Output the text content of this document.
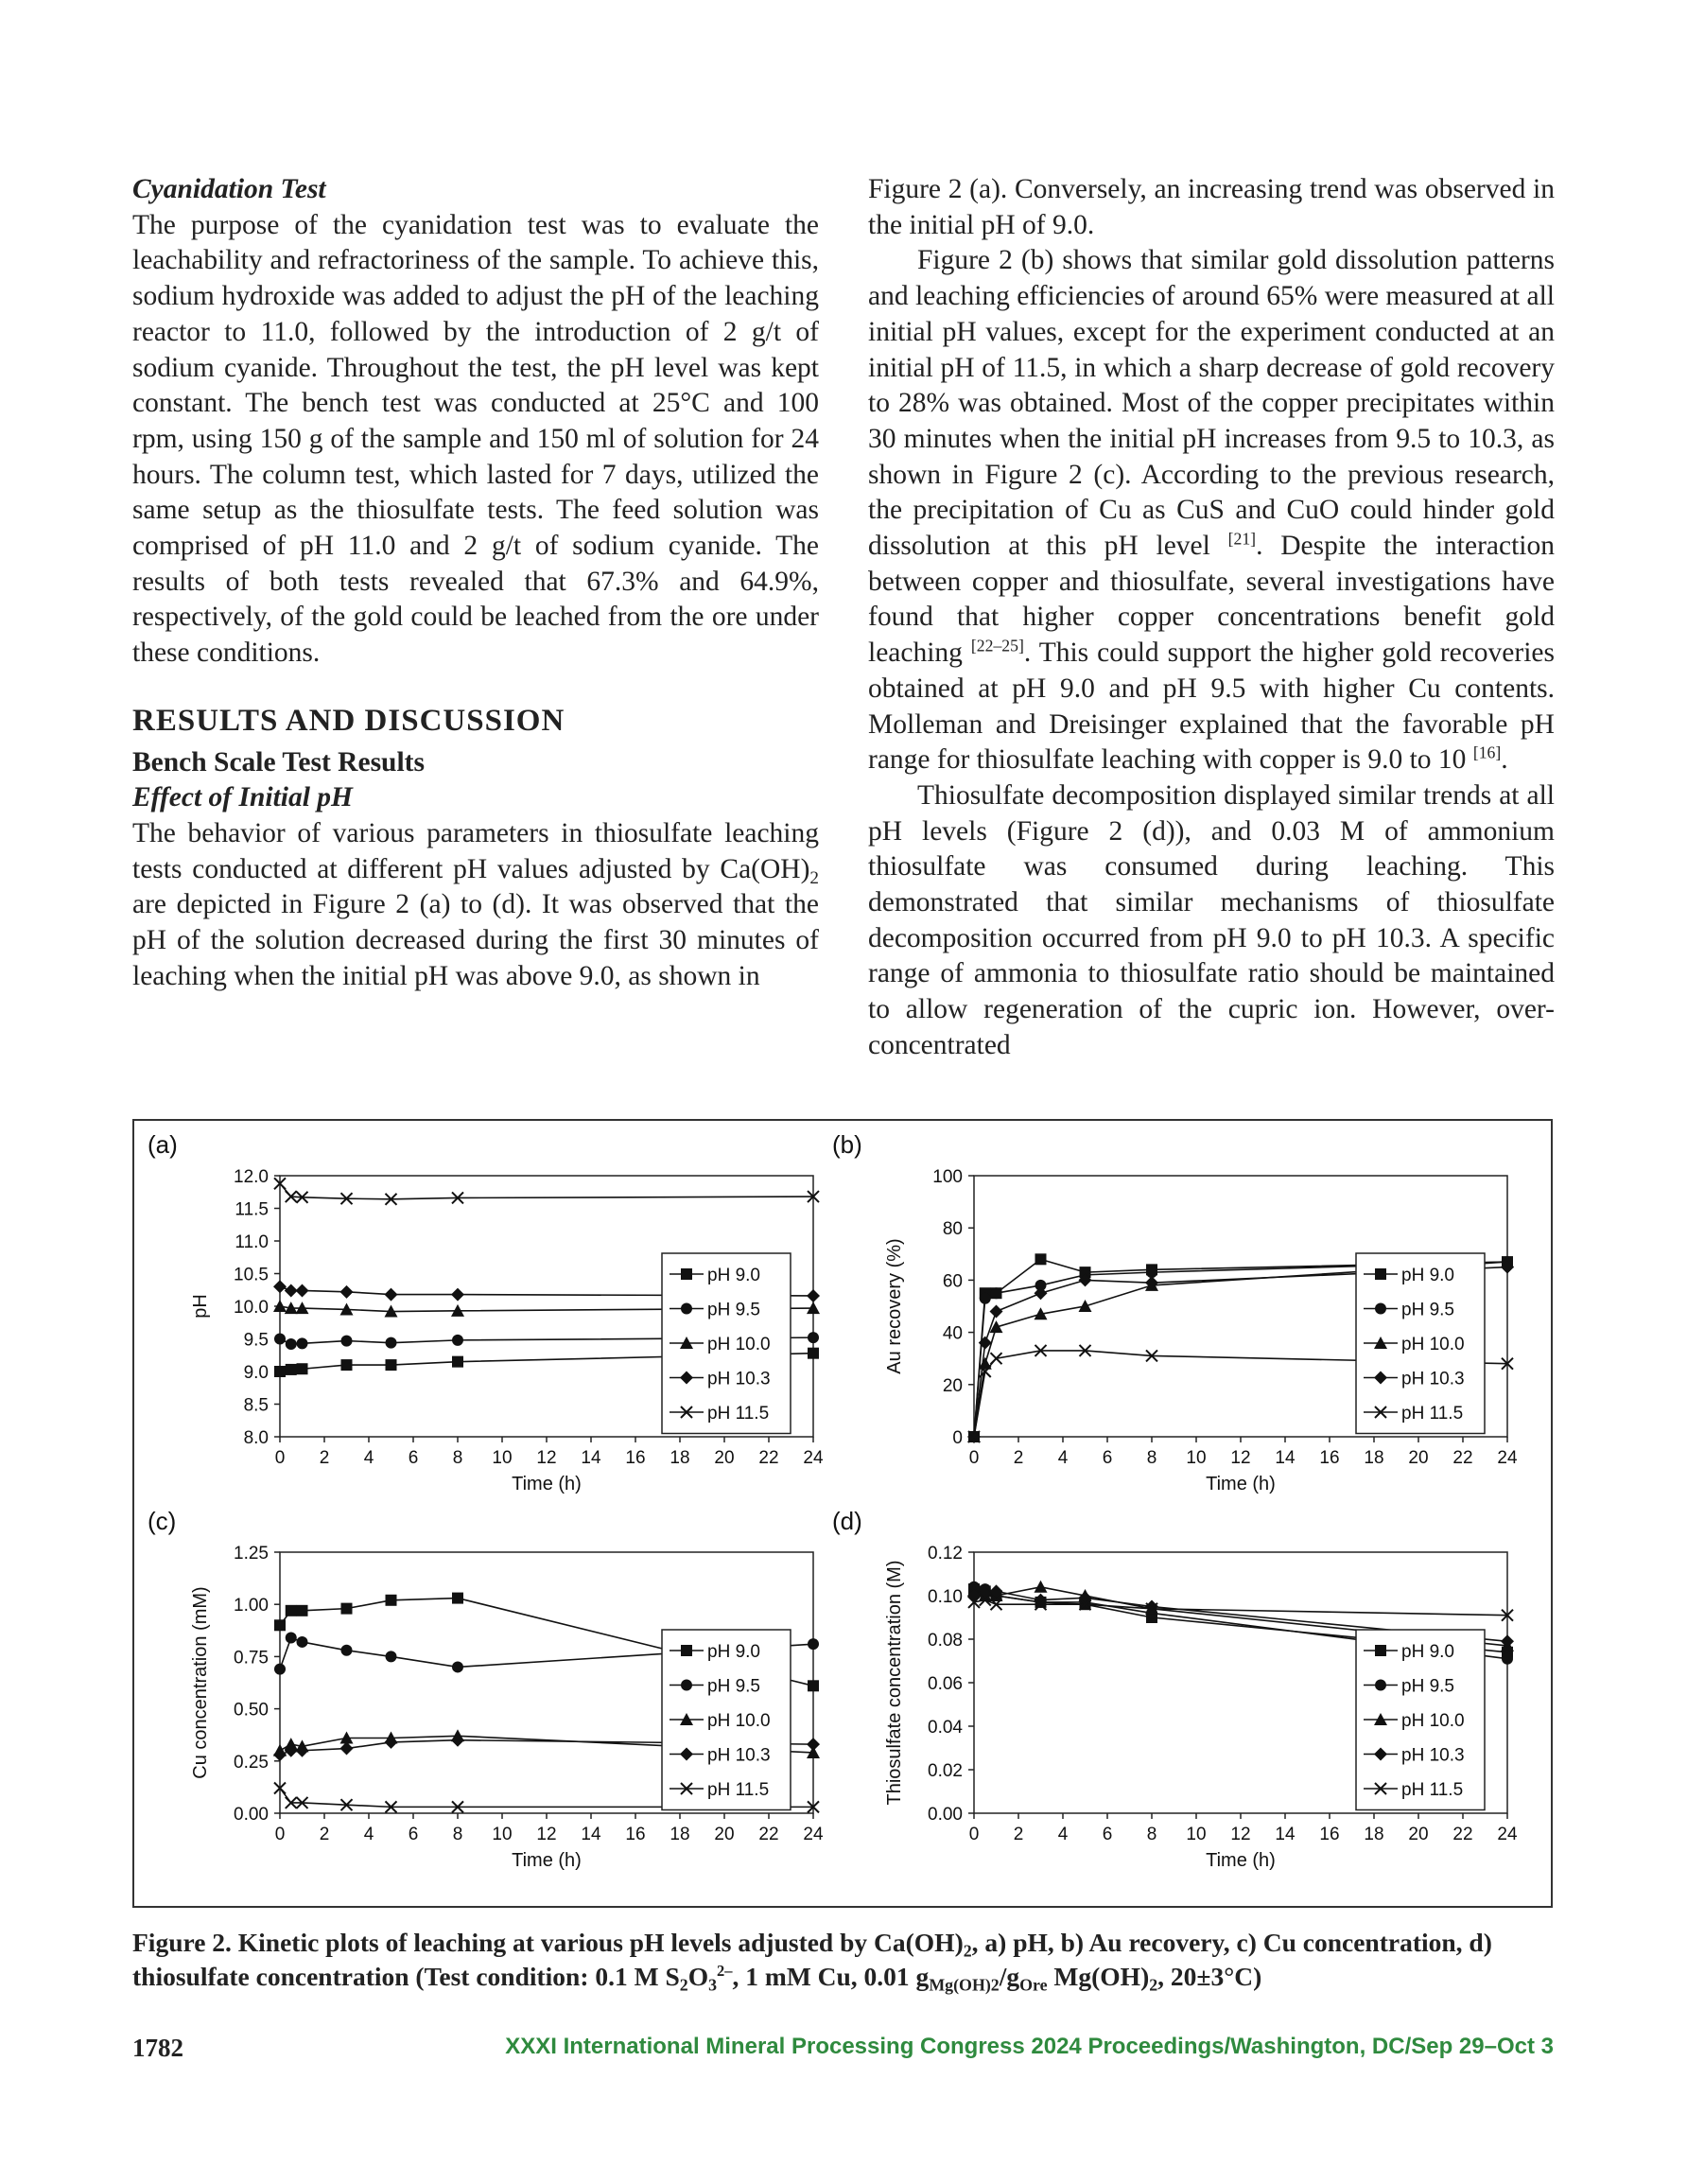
Cyanidation Test

The purpose of the cyanidation test was to evaluate the leachability and refractoriness of the sample. To achieve this, sodium hydroxide was added to adjust the pH of the leaching reactor to 11.0, followed by the introduction of 2 g/t of sodium cyanide. Throughout the test, the pH level was kept constant. The bench test was conducted at 25°C and 100 rpm, using 150 g of the sample and 150 ml of solution for 24 hours. The column test, which lasted for 7 days, utilized the same setup as the thiosulfate tests. The feed solution was comprised of pH 11.0 and 2 g/t of sodium cyanide. The results of both tests revealed that 67.3% and 64.9%, respectively, of the gold could be leached from the ore under these conditions.

RESULTS AND DISCUSSION

Bench Scale Test Results

Effect of Initial pH

The behavior of various parameters in thiosulfate leaching tests conducted at different pH values adjusted by $Ca(OH)_2$ are depicted in Figure 2 (a) to (d). It was observed that the pH of the solution decreased during the first 30 minutes of leaching when the initial pH was above 9.0, as shown in

Figure 2 (a). Conversely, an increasing trend was observed in the initial pH of 9.0.

Figure 2 (b) shows that similar gold dissolution patterns and leaching efficiencies of around 65% were measured at all initial pH values, except for the experiment conducted at an initial pH of 11.5, in which a sharp decrease of gold recovery to 28% was obtained. Most of the copper precipitates within 30 minutes when the initial pH increases from 9.5 to 10.3, as shown in Figure 2 (c). According to the previous research, the precipitation of Cu as CuS and CuO could hinder gold dissolution at this pH level [21]. Despite the interaction between copper and thiosulfate, several investigations have found that higher copper concentrations benefit gold leaching [22–25]. This could support the higher gold recoveries obtained at pH 9.0 and pH 9.5 with higher Cu contents. Molleman and Dreisinger explained that the favorable pH range for thiosulfate leaching with copper is 9.0 to 10 [16].

Thiosulfate decomposition displayed similar trends at all pH levels (Figure 2 (d)), and 0.03 M of ammonium thiosulfate was consumed during leaching. This demonstrated that similar mechanisms of thiosulfate decomposition occurred from pH 9.0 to pH 10.3. A specific range of ammonia to thiosulfate ratio should be maintained to allow regeneration of the cupric ion. However, over-concentrated

(a)
8.0
8.5
9.0
9.5
10.0
10.5
11.0
11.5
12.0
0 2 4 6 8 10 12 14 16 18 20 22 24
Time (h)
pH
pH 9.0
pH 9.5
pH 10.0
pH 10.3
pH 11.5
(b)
0
20
40
60
80
100
0 2 4 6 8 10 12 14 16 18 20 22 24
Time (h)
Au recovery (%)	pH 9.0
pH 9.5
pH 10.0
pH 10.3
pH 11.5
(c)
0.00
0.25
0.50
0.75
1.00
1.25
0 2 4 6 8 10 12 14 16 18 20 22 24
Time (h)
Cu concentration (mM)	pH 9.0
pH 9.5
pH 10.0
pH 10.3
pH 11.5
(d)
0.00
0.02
0.04
0.06
0.08
0.10
0.12
0 2 4 6 8 10 12 14 16 18 20 22 24
Time (h)
Thiosulfate concentration (M)	pH 9.0
pH 9.5
pH 10.0
pH 10.3
pH 11.5
Figure 2. Kinetic plots of leaching at various pH levels adjusted by $Ca(OH)_2$, a) pH, b) Au recovery, c) Cu concentration, d) thiosulfate concentration (Test condition: 0.1 M $S_2O_3^{2-}$, 1 mM Cu, 0.01 $g_{Mg(OH)2}/g_{Ore}$ $Mg(OH)_2$, 20±3°C)
1782	XXXI International Mineral Processing Congress 2024 Proceedings/Washington, DC/Sep 29–Oct 3
